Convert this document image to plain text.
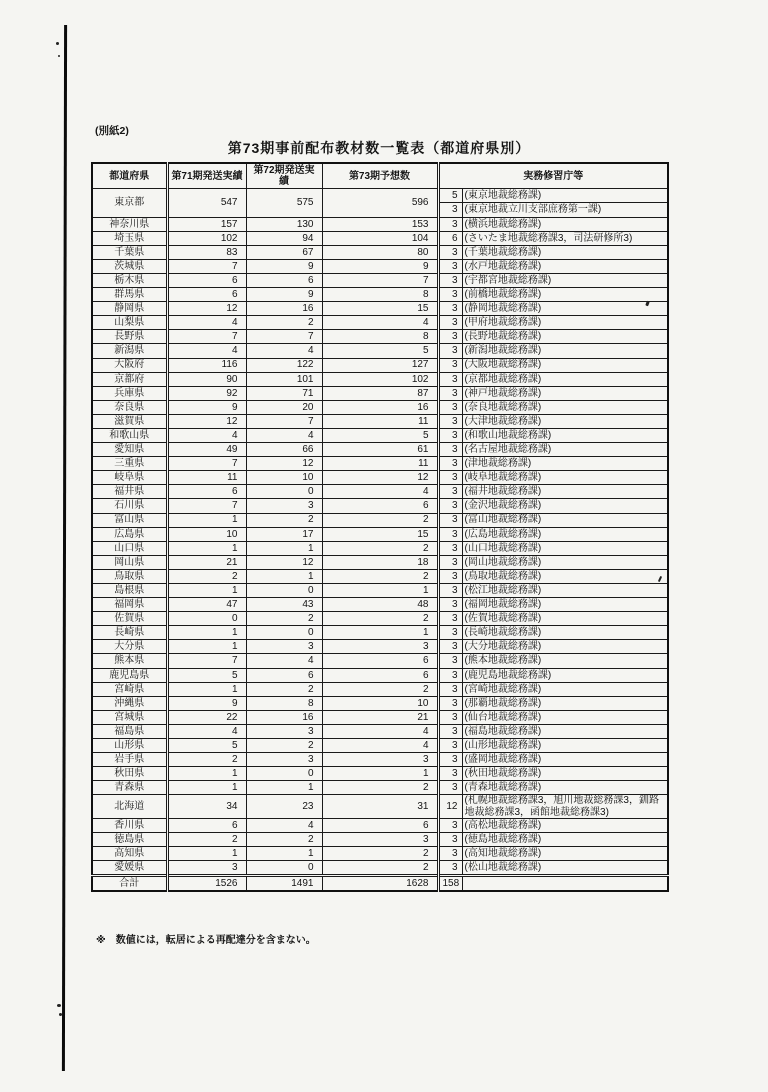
(別紙2)
第73期事前配布教材数一覧表（都道府県別）
都道府県	第71期発送実績	第72期発送実績	第73期予想数	実務修習庁等	
東京都	547	575	596	5	(東京地裁総務課)
				3	(東京地裁立川支部庶務第一課)
神奈川県	157	130	153	3	(横浜地裁総務課)
埼玉県	102	94	104	6	(さいたま地裁総務課3，司法研修所3)
千葉県	83	67	80	3	(千葉地裁総務課)
茨城県	7	9	9	3	(水戸地裁総務課)
栃木県	6	6	7	3	(宇都宮地裁総務課)
群馬県	6	9	8	3	(前橋地裁総務課)
静岡県	12	16	15	3	(静岡地裁総務課)
山梨県	4	2	4	3	(甲府地裁総務課)
長野県	7	7	8	3	(長野地裁総務課)
新潟県	4	4	5	3	(新潟地裁総務課)
大阪府	116	122	127	3	(大阪地裁総務課)
京都府	90	101	102	3	(京都地裁総務課)
兵庫県	92	71	87	3	(神戸地裁総務課)
奈良県	9	20	16	3	(奈良地裁総務課)
滋賀県	12	7	11	3	(大津地裁総務課)
和歌山県	4	4	5	3	(和歌山地裁総務課)
愛知県	49	66	61	3	(名古屋地裁総務課)
三重県	7	12	11	3	(津地裁総務課)
岐阜県	11	10	12	3	(岐阜地裁総務課)
福井県	6	0	4	3	(福井地裁総務課)
石川県	7	3	6	3	(金沢地裁総務課)
富山県	1	2	2	3	(富山地裁総務課)
広島県	10	17	15	3	(広島地裁総務課)
山口県	1	1	2	3	(山口地裁総務課)
岡山県	21	12	18	3	(岡山地裁総務課)
鳥取県	2	1	2	3	(鳥取地裁総務課)
島根県	1	0	1	3	(松江地裁総務課)
福岡県	47	43	48	3	(福岡地裁総務課)
佐賀県	0	2	2	3	(佐賀地裁総務課)
長崎県	1	0	1	3	(長崎地裁総務課)
大分県	1	3	3	3	(大分地裁総務課)
熊本県	7	4	6	3	(熊本地裁総務課)
鹿児島県	5	6	6	3	(鹿児島地裁総務課)
宮崎県	1	2	2	3	(宮崎地裁総務課)
沖縄県	9	8	10	3	(那覇地裁総務課)
宮城県	22	16	21	3	(仙台地裁総務課)
福島県	4	3	4	3	(福島地裁総務課)
山形県	5	2	4	3	(山形地裁総務課)
岩手県	2	3	3	3	(盛岡地裁総務課)
秋田県	1	0	1	3	(秋田地裁総務課)
青森県	1	1	2	3	(青森地裁総務課)
北海道	34	23	31	12	(札幌地裁総務課3，旭川地裁総務課3，釧路地裁総務課3，函館地裁総務課3)
香川県	6	4	6	3	(高松地裁総務課)
徳島県	2	2	3	3	(徳島地裁総務課)
高知県	1	1	2	3	(高知地裁総務課)
愛媛県	3	0	2	3	(松山地裁総務課)
合計	1526	1491	1628	158	
※　数値には，転居による再配達分を含まない。
